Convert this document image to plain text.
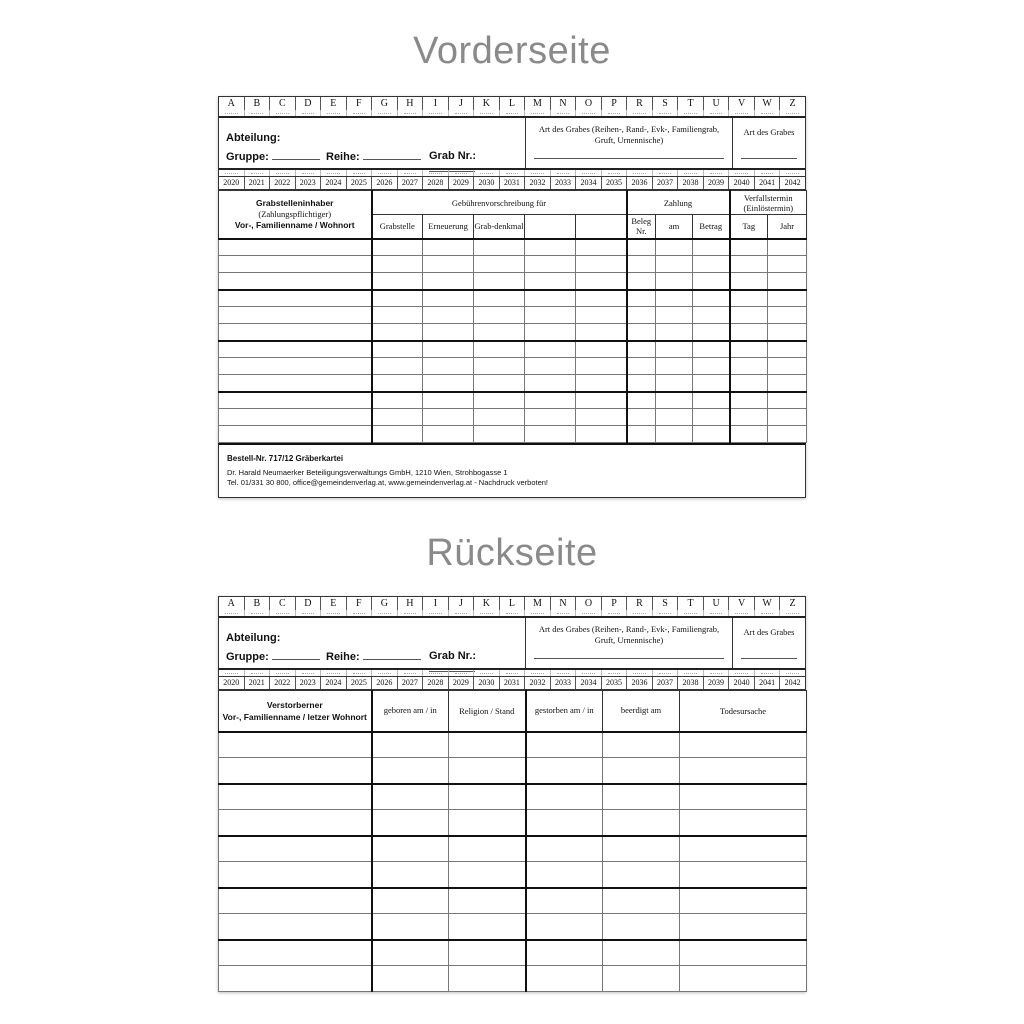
Vorderseite
A	B	C	D	E	F	G	H	I	J	K	L	M	N	O	P	R	S	T	U	V	W	Z
Abteilung:
Gruppe:	Reihe:	Grab Nr.:
Art des Grabes (Reihen-, Rand-, Evk-, Familiengrab, Gruft, Urnennische)
Art des Grabes
2020	2021	2022	2023	2024	2025	2026	2027	2028	2029	2030	2031	2032	2033	2034	2035	2036	2037	2038	2039	2040	2041	2042
Grabstelleninhaber
(Zahlungspflichtiger)
Vor-, Familienname / Wohnort	Gebührenvorschreibung für					Zahlung			Verfallstermin (Einlöstermin)	
	Grabstelle	Erneuerung	Grab-denkmal			Beleg Nr.	am	Betrag	Tag	Jahr

Bestell-Nr. 717/12 Gräberkartei
Dr. Harald Neumaerker Beteiligungsverwaltungs GmbH, 1210 Wien, Strohbogasse 1
Tel. 01/331 30 800, office@gemeindenverlag.at, www.gemeindenverlag.at - Nachdruck verboten!
Rückseite
A	B	C	D	E	F	G	H	I	J	K	L	M	N	O	P	R	S	T	U	V	W	Z
Abteilung:
Gruppe:	Reihe:	Grab Nr.:
Art des Grabes (Reihen-, Rand-, Evk-, Familiengrab, Gruft, Urnennische)
Art des Grabes
2020	2021	2022	2023	2024	2025	2026	2027	2028	2029	2030	2031	2032	2033	2034	2035	2036	2037	2038	2039	2040	2041	2042
Verstorberner
Vor-, Familienname / letzer Wohnort	geboren am / in	Religion / Stand	gestorben am / in	beerdigt am	Todesursache
